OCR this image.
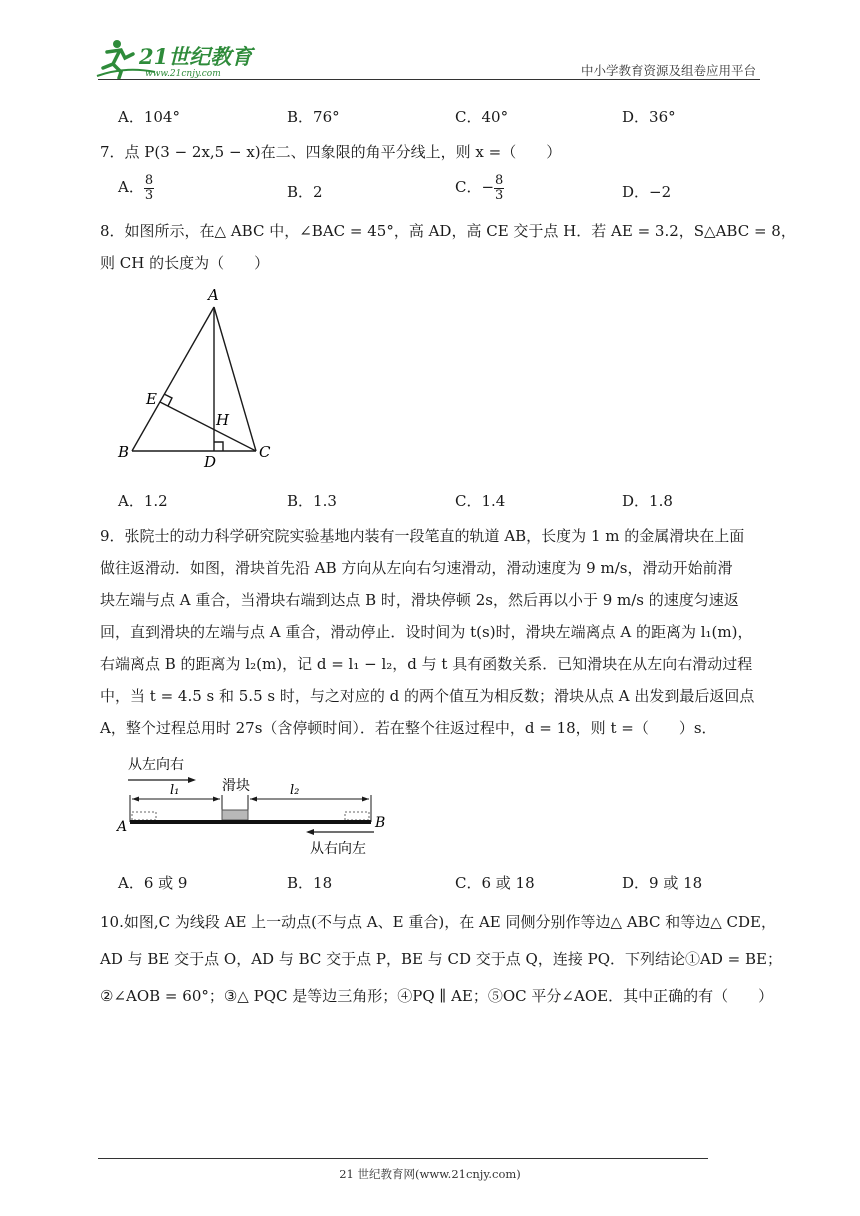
21世纪教育
www.21cnjy.com	中小学教育资源及组卷应用平台
A．104°	B．76°	C．40°	D．36°
7．点 P(3 − 2x,5 − x)在二、四象限的角平分线上，则 x =（　　）
A． $\frac{8}{3}$	B．2	C．− $\frac{8}{3}$	D．−2
8．如图所示，在△ ABC 中，∠BAC = 45°，高 AD，高 CE 交于点 H．若 AE = 3.2，S△ABC = 8，
则 CH 的长度为（　　）
A
E
H
B
D
C
A．1.2	B．1.3	C．1.4	D．1.8
9．张院士的动力科学研究院实验基地内装有一段笔直的轨道 AB，长度为 1 m 的金属滑块在上面
做往返滑动．如图，滑块首先沿 AB 方向从左向右匀速滑动，滑动速度为 9 m/s，滑动开始前滑
块左端与点 A 重合，当滑块右端到达点 B 时，滑块停顿 2s，然后再以小于 9 m/s 的速度匀速返
回，直到滑块的左端与点 A 重合，滑动停止．设时间为 t(s)时，滑块左端离点 A 的距离为 l₁(m)，
右端离点 B 的距离为 l₂(m)，记 d = l₁ − l₂，d 与 t 具有函数关系．已知滑块在从左向右滑动过程
中，当 t = 4.5 s 和 5.5 s 时，与之对应的 d 的两个值互为相反数；滑块从点 A 出发到最后返回点
A，整个过程总用时 27s（含停顿时间）．若在整个往返过程中，d = 18，则 t =（　　）s．
从左向右
滑块
l₁	l₂
A	B
从右向左
A．6 或 9	B．18	C．6 或 18	D．9 或 18
10.如图,C 为线段 AE 上一动点(不与点 A、E 重合)，在 AE 同侧分别作等边△ ABC 和等边△ CDE，
AD 与 BE 交于点 O，AD 与 BC 交于点 P，BE 与 CD 交于点 Q，连接 PQ．下列结论①AD = BE；
②∠AOB = 60°；③△ PQC 是等边三角形；④PQ ∥ AE；⑤OC 平分∠AOE．其中正确的有（　　）
21 世纪教育网(www.21cnjy.com)
